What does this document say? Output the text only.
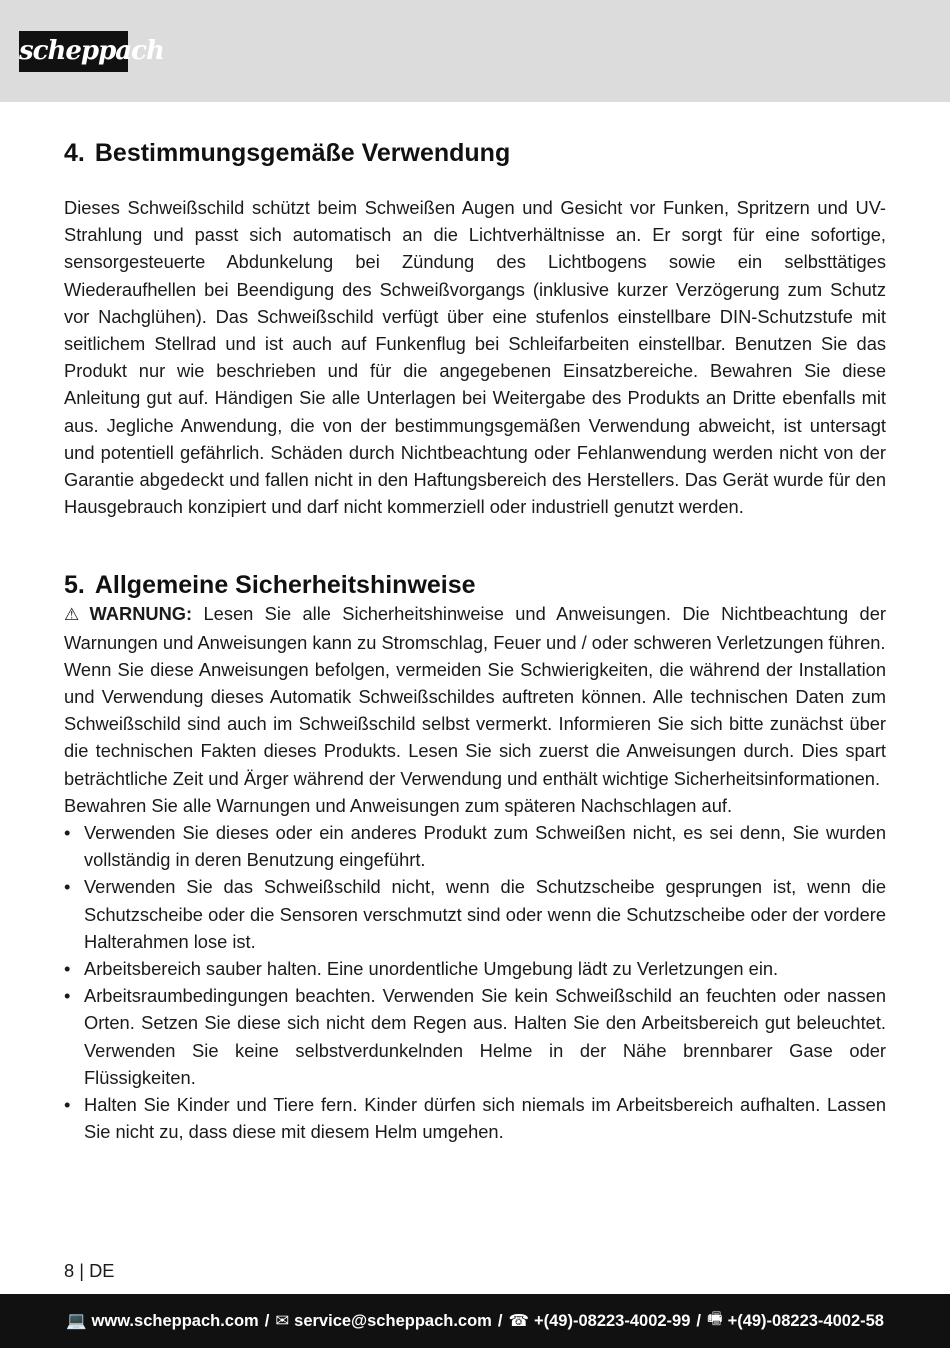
scheppach
4. Bestimmungsgemäße Verwendung

Dieses Schweißschild schützt beim Schweißen Augen und Gesicht vor Funken, Spritzern und UV-Strahlung und passt sich automatisch an die Lichtverhältnisse an. Er sorgt für eine sofortige, sensorgesteuerte Abdunkelung bei Zündung des Lichtbogens sowie ein selbsttätiges Wiederaufhellen bei Beendigung des Schweißvorgangs (inklusive kurzer Verzögerung zum Schutz vor Nachglühen). Das Schweißschild verfügt über eine stufenlos einstellbare DIN-Schutzstufe mit seitlichem Stellrad und ist auch auf Funkenflug bei Schleifarbeiten einstellbar. Benutzen Sie das Produkt nur wie beschrieben und für die angegebenen Einsatzbereiche. Bewahren Sie diese Anleitung gut auf. Händigen Sie alle Unterlagen bei Weitergabe des Produkts an Dritte ebenfalls mit aus. Jegliche Anwendung, die von der bestimmungsgemäßen Verwendung abweicht, ist untersagt und potentiell gefährlich. Schäden durch Nichtbeachtung oder Fehlanwendung werden nicht von der Garantie abgedeckt und fallen nicht in den Haftungsbereich des Herstellers. Das Gerät wurde für den Hausgebrauch konzipiert und darf nicht kommerziell oder industriell genutzt werden.

5. Allgemeine Sicherheitshinweise

⚠ WARNUNG: Lesen Sie alle Sicherheitshinweise und Anweisungen. Die Nichtbeachtung der Warnungen und Anweisungen kann zu Stromschlag, Feuer und / oder schweren Verletzungen führen.

Wenn Sie diese Anweisungen befolgen, vermeiden Sie Schwierigkeiten, die während der Installation und Verwendung dieses Automatik Schweißschildes auftreten können. Alle technischen Daten zum Schweißschild sind auch im Schweißschild selbst vermerkt. Informieren Sie sich bitte zunächst über die technischen Fakten dieses Produkts. Lesen Sie sich zuerst die Anweisungen durch. Dies spart beträchtliche Zeit und Ärger während der Verwendung und enthält wichtige Sicherheitsinformationen.

Bewahren Sie alle Warnungen und Anweisungen zum späteren Nachschlagen auf.

• Verwenden Sie dieses oder ein anderes Produkt zum Schweißen nicht, es sei denn, Sie wurden vollständig in deren Benutzung eingeführt.
• Verwenden Sie das Schweißschild nicht, wenn die Schutzscheibe gesprungen ist, wenn die Schutzscheibe oder die Sensoren verschmutzt sind oder wenn die Schutzscheibe oder der vordere Halterahmen lose ist.
• Arbeitsbereich sauber halten. Eine unordentliche Umgebung lädt zu Verletzungen ein.
• Arbeitsraumbedingungen beachten. Verwenden Sie kein Schweißschild an feuchten oder nassen Orten. Setzen Sie diese sich nicht dem Regen aus. Halten Sie den Arbeitsbereich gut beleuchtet. Verwenden Sie keine selbstverdunkelnden Helme in der Nähe brennbarer Gase oder Flüssigkeiten.
• Halten Sie Kinder und Tiere fern. Kinder dürfen sich niemals im Arbeitsbereich aufhalten. Lassen Sie nicht zu, dass diese mit diesem Helm umgehen.
8 | DE
💻 www.scheppach.com / ✉ service@scheppach.com / ☎ +(49)-08223-4002-99 / 🖷 +(49)-08223-4002-58
